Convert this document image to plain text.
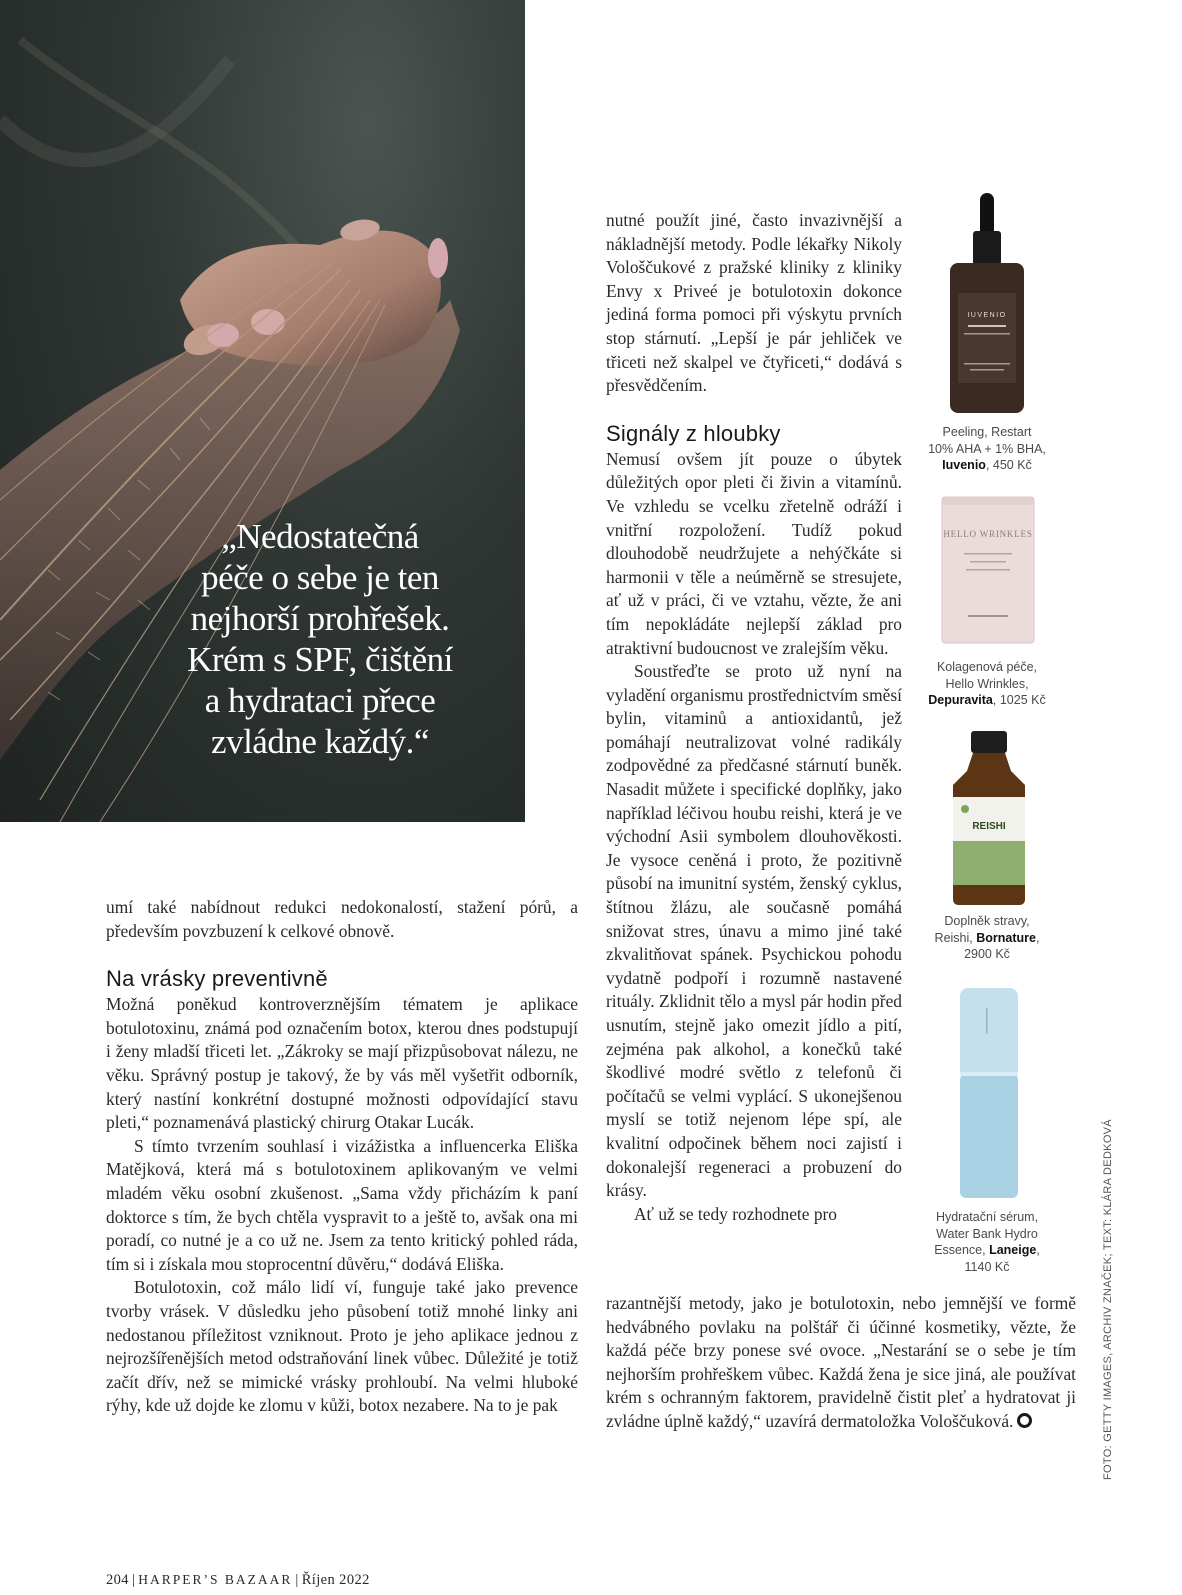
„Nedostatečná
péče o sebe je ten
nejhorší prohřešek.
Krém s SPF, čištění
a hydrataci přece
zvládne každý.“

umí také nabídnout redukci nedokonalostí, stažení pórů, a především povzbuzení k celkové obnově.

Na vrásky preventivně

Možná poněkud kontroverznějším tématem je aplikace botulotoxinu, známá pod označením botox, kterou dnes podstupují i ženy mladší třiceti let. „Zákroky se mají přizpůsobovat nálezu, ne věku. Správný postup je takový, že by vás měl vyšetřit odborník, který nastíní konkrétní dostupné možnosti odpovídající stavu pleti,“ poznamenává plastický chirurg Otakar Lucák.

S tímto tvrzením souhlasí i vizážistka a influencerka Eliška Matějková, která má s botulotoxinem aplikovaným ve velmi mladém věku osobní zkušenost. „Sama vždy přicházím k paní doktorce s tím, že bych chtěla vyspravit to a ještě to, avšak ona mi poradí, co nutné je a co už ne. Jsem za tento kritický pohled ráda, tím si i získala mou stoprocentní důvěru,“ dodává Eliška.

Botulotoxin, což málo lidí ví, funguje také jako prevence tvorby vrásek. V důsledku jeho působení totiž mnohé linky ani nedostanou příležitost vzniknout. Proto je jeho aplikace jednou z nejrozšířenějších metod odstraňování linek vůbec. Důležité je totiž začít dřív, než se mimické vrásky prohloubí. Na velmi hluboké rýhy, kde už dojde ke zlomu v kůži, botox nezabere. Na to je pak

nutné použít jiné, často invazivnější a nákladnější metody. Podle lékařky Nikoly Vološčukové z pražské kliniky z kliniky Envy x Priveé je botulotoxin dokonce jediná forma pomoci při výskytu prvních stop stárnutí. „Lepší je pár jehliček ve třiceti než skalpel ve čtyřiceti,“ dodává s přesvědčením.

Signály z hloubky

Nemusí ovšem jít pouze o úbytek důležitých opor pleti či živin a vitamínů. Ve vzhledu se vcelku zřetelně odráží i vnitřní rozpoložení. Tudíž pokud dlouhodobě neudržujete a nehýčkáte si harmonii v těle a neúměrně se stresujete, ať už v práci, či ve vztahu, vězte, že ani tím nepokládáte nejlepší základ pro atraktivní budoucnost ve zralejším věku.

Soustřeďte se proto už nyní na vyladění organismu prostřednictvím směsí bylin, vitaminů a antioxidantů, jež pomáhají neutralizovat volné radikály zodpovědné za předčasné stárnutí buněk. Nasadit můžete i specifické doplňky, jako například léčivou houbu reishi, která je ve východní Asii symbolem dlouhověkosti. Je vysoce ceněná i proto, že pozitivně působí na imunitní systém, ženský cyklus, štítnou žlázu, ale současně pomáhá snižovat stres, únavu a mimo jiné také zkvalitňovat spánek. Psychickou pohodu vydatně podpoří i rozumně nastavené rituály. Zklidnit tělo a mysl pár hodin před usnutím, stejně jako omezit jídlo a pití, zejména pak alkohol, a konečků také škodlivé modré světlo z telefonů či počítačů se velmi vyplácí. S ukonejšenou myslí se totiž nejenom lépe spí, ale kvalitní odpočinek během noci zajistí i dokonalejší regeneraci a probuzení do krásy.

Ať už se tedy rozhodnete pro

razantnější metody, jako je botulotoxin, nebo jemnější ve formě hedvábného povlaku na polštář či účinné kosmetiky, vězte, že každá péče brzy ponese své ovoce. „Nestarání se o sebe je tím nejhorším prohřeškem vůbec. Každá žena je sice jiná, ale používat krém s ochranným faktorem, pravidelně čistit pleť a hydratovat ji zvládne úplně každý,“ uzavírá dermatoložka Vološčuková.

IUVENIO
Peeling, Restart
10% AHA + 1% BHA,
Iuvenio, 450 Kč
HELLO WRINKLES
Kolagenová péče,
Hello Wrinkles,
Depuravita, 1025 Kč
REISHI
Doplněk stravy,
Reishi, Bornature,
2900 Kč
Hydratační sérum,
Water Bank Hydro
Essence, Laneige,
1140 Kč	FOTO: GETTY IMAGES, ARCHIV ZNAČEK; TEXT: KLÁRA DEDKOVÁ
204 | HARPER’S BAZAAR | Říjen 2022
